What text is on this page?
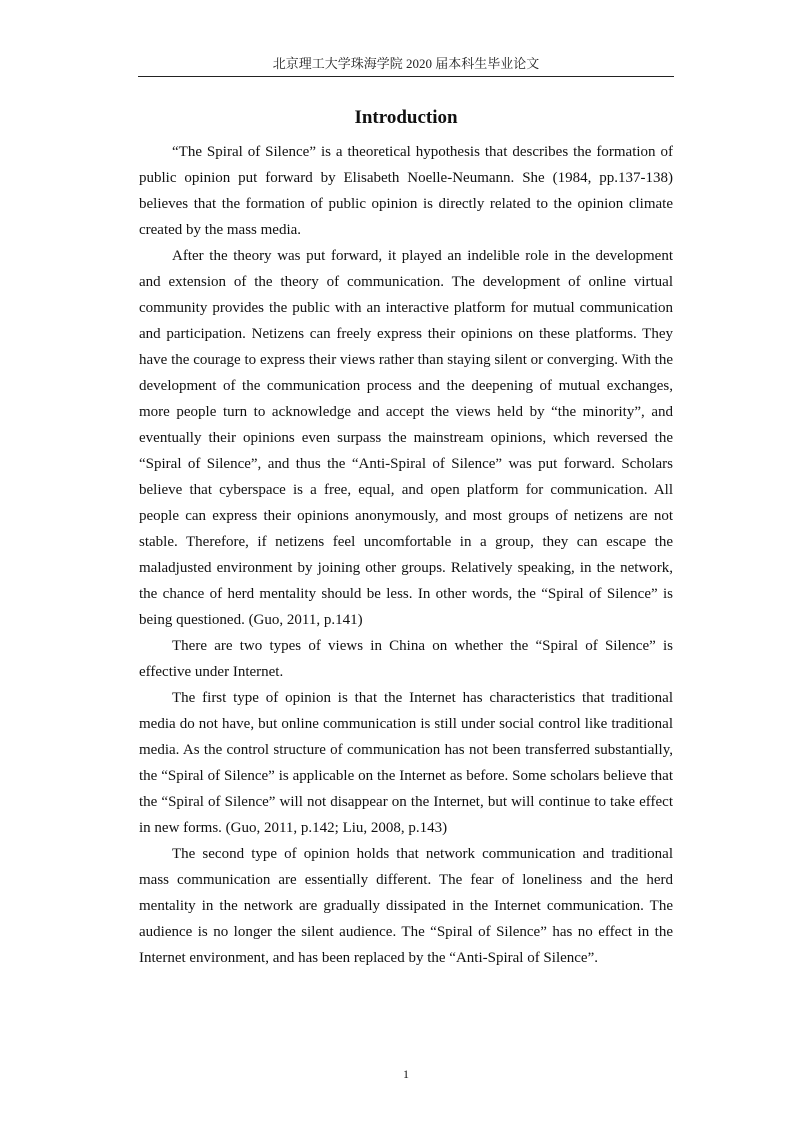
北京理工大学珠海学院 2020 届本科生毕业论文
Introduction

“The Spiral of Silence” is a theoretical hypothesis that describes the formation of public opinion put forward by Elisabeth Noelle-Neumann. She (1984, pp.137-138) believes that the formation of public opinion is directly related to the opinion climate created by the mass media.

After the theory was put forward, it played an indelible role in the development and extension of the theory of communication. The development of online virtual community provides the public with an interactive platform for mutual communication and participation. Netizens can freely express their opinions on these platforms. They have the courage to express their views rather than staying silent or converging. With the development of the communication process and the deepening of mutual exchanges, more people turn to acknowledge and accept the views held by “the minority”, and eventually their opinions even surpass the mainstream opinions, which reversed the “Spiral of Silence”, and thus the “Anti-Spiral of Silence” was put forward. Scholars believe that cyberspace is a free, equal, and open platform for communication. All people can express their opinions anonymously, and most groups of netizens are not stable. Therefore, if netizens feel uncomfortable in a group, they can escape the maladjusted environment by joining other groups. Relatively speaking, in the network, the chance of herd mentality should be less. In other words, the “Spiral of Silence” is being questioned. (Guo, 2011, p.141)

There are two types of views in China on whether the “Spiral of Silence” is effective under Internet.

The first type of opinion is that the Internet has characteristics that traditional media do not have, but online communication is still under social control like traditional media. As the control structure of communication has not been transferred substantially, the “Spiral of Silence” is applicable on the Internet as before. Some scholars believe that the “Spiral of Silence” will not disappear on the Internet, but will continue to take effect in new forms. (Guo, 2011, p.142; Liu, 2008, p.143)

The second type of opinion holds that network communication and traditional mass communication are essentially different. The fear of loneliness and the herd mentality in the network are gradually dissipated in the Internet communication. The audience is no longer the silent audience. The “Spiral of Silence” has no effect in the Internet environment, and has been replaced by the “Anti-Spiral of Silence”.

1
